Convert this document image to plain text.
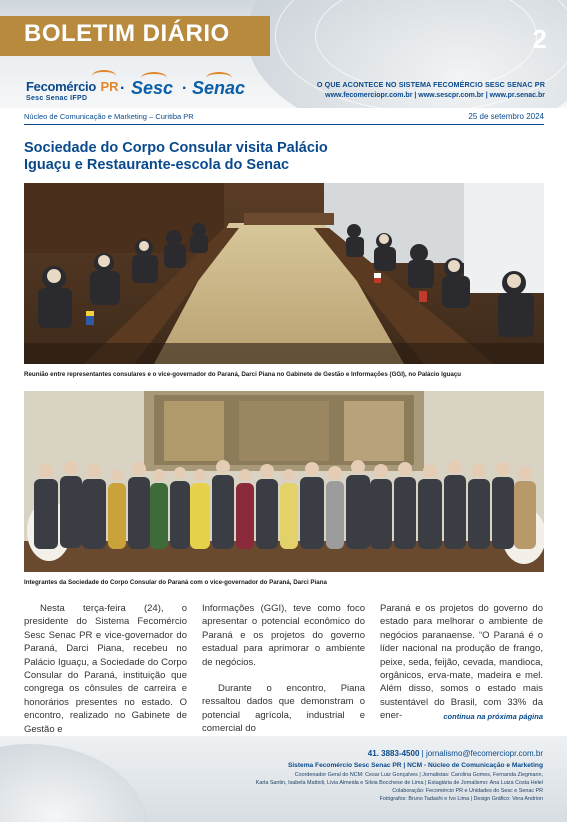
BOLETIM DIÁRIO	2
Fecomércio PR
Sesc Senac IFPD
· Sesc · Senac	O QUE ACONTECE NO SISTEMA FECOMÉRCIO SESC SENAC PR
www.fecomerciopr.com.br | www.sescpr.com.br | www.pr.senac.br
Núcleo de Comunicação e Marketing – Curitiba PR	25 de setembro 2024
Sociedade do Corpo Consular visita Palácio
Iguaçu e Restaurante-escola do Senac
Reunião entre representantes consulares e o vice-governador do Paraná, Darci Piana no Gabinete de Gestão e Informações (GGI), no Palácio Iguaçu
Integrantes da Sociedade do Corpo Consular do Paraná com o vice-governador do Paraná, Darci Piana

Nesta terça-feira (24), o presidente do Sistema Fecomércio Sesc Senac PR e vice-governador do Paraná, Darci Piana, recebeu no Palácio Iguaçu, a Sociedade do Corpo Consular do Paraná, instituição que congrega os cônsules de carreira e honorários presentes no estado. O encontro, realizado no Gabinete de Gestão e

Informações (GGI), teve como foco apresentar o potencial econômico do Paraná e os projetos do governo estadual para aprimorar o ambiente de negócios.

Durante o encontro, Piana ressaltou dados que demonstram o potencial agrícola, industrial e comercial do

Paraná e os projetos do governo do estado para melhorar o ambiente de negócios paranaense. “O Paraná é o líder nacional na produção de frango, peixe, seda, feijão, cevada, mandioca, orgânicos, erva-mate, madeira e mel. Além disso, somos o estado mais sustentável do Brasil, com 33% da ener-	continua na próxima página
41. 3883-4500 | jornalismo@fecomerciopr.com.br
Sistema Fecomércio Sesc Senac PR | NCM - Núcleo de Comunicação e Marketing
Coordenador Geral do NCM: Cesar Luiz Gonçalves | Jornalistas: Carolina Gomes, Fernanda Ziegmann,
Karla Santin, Isabela Mattioli, Livia Almeida e Silvia Bocchese de Lima | Estagiária de Jornalismo: Ana Luiza Costa Helel
Colaboração: Fecomércio PR e Unidades do Sesc e Senac PR
Fotógrafos: Bruno Tadashi e Ivo Lima | Design Gráfico: Vera Andrion
